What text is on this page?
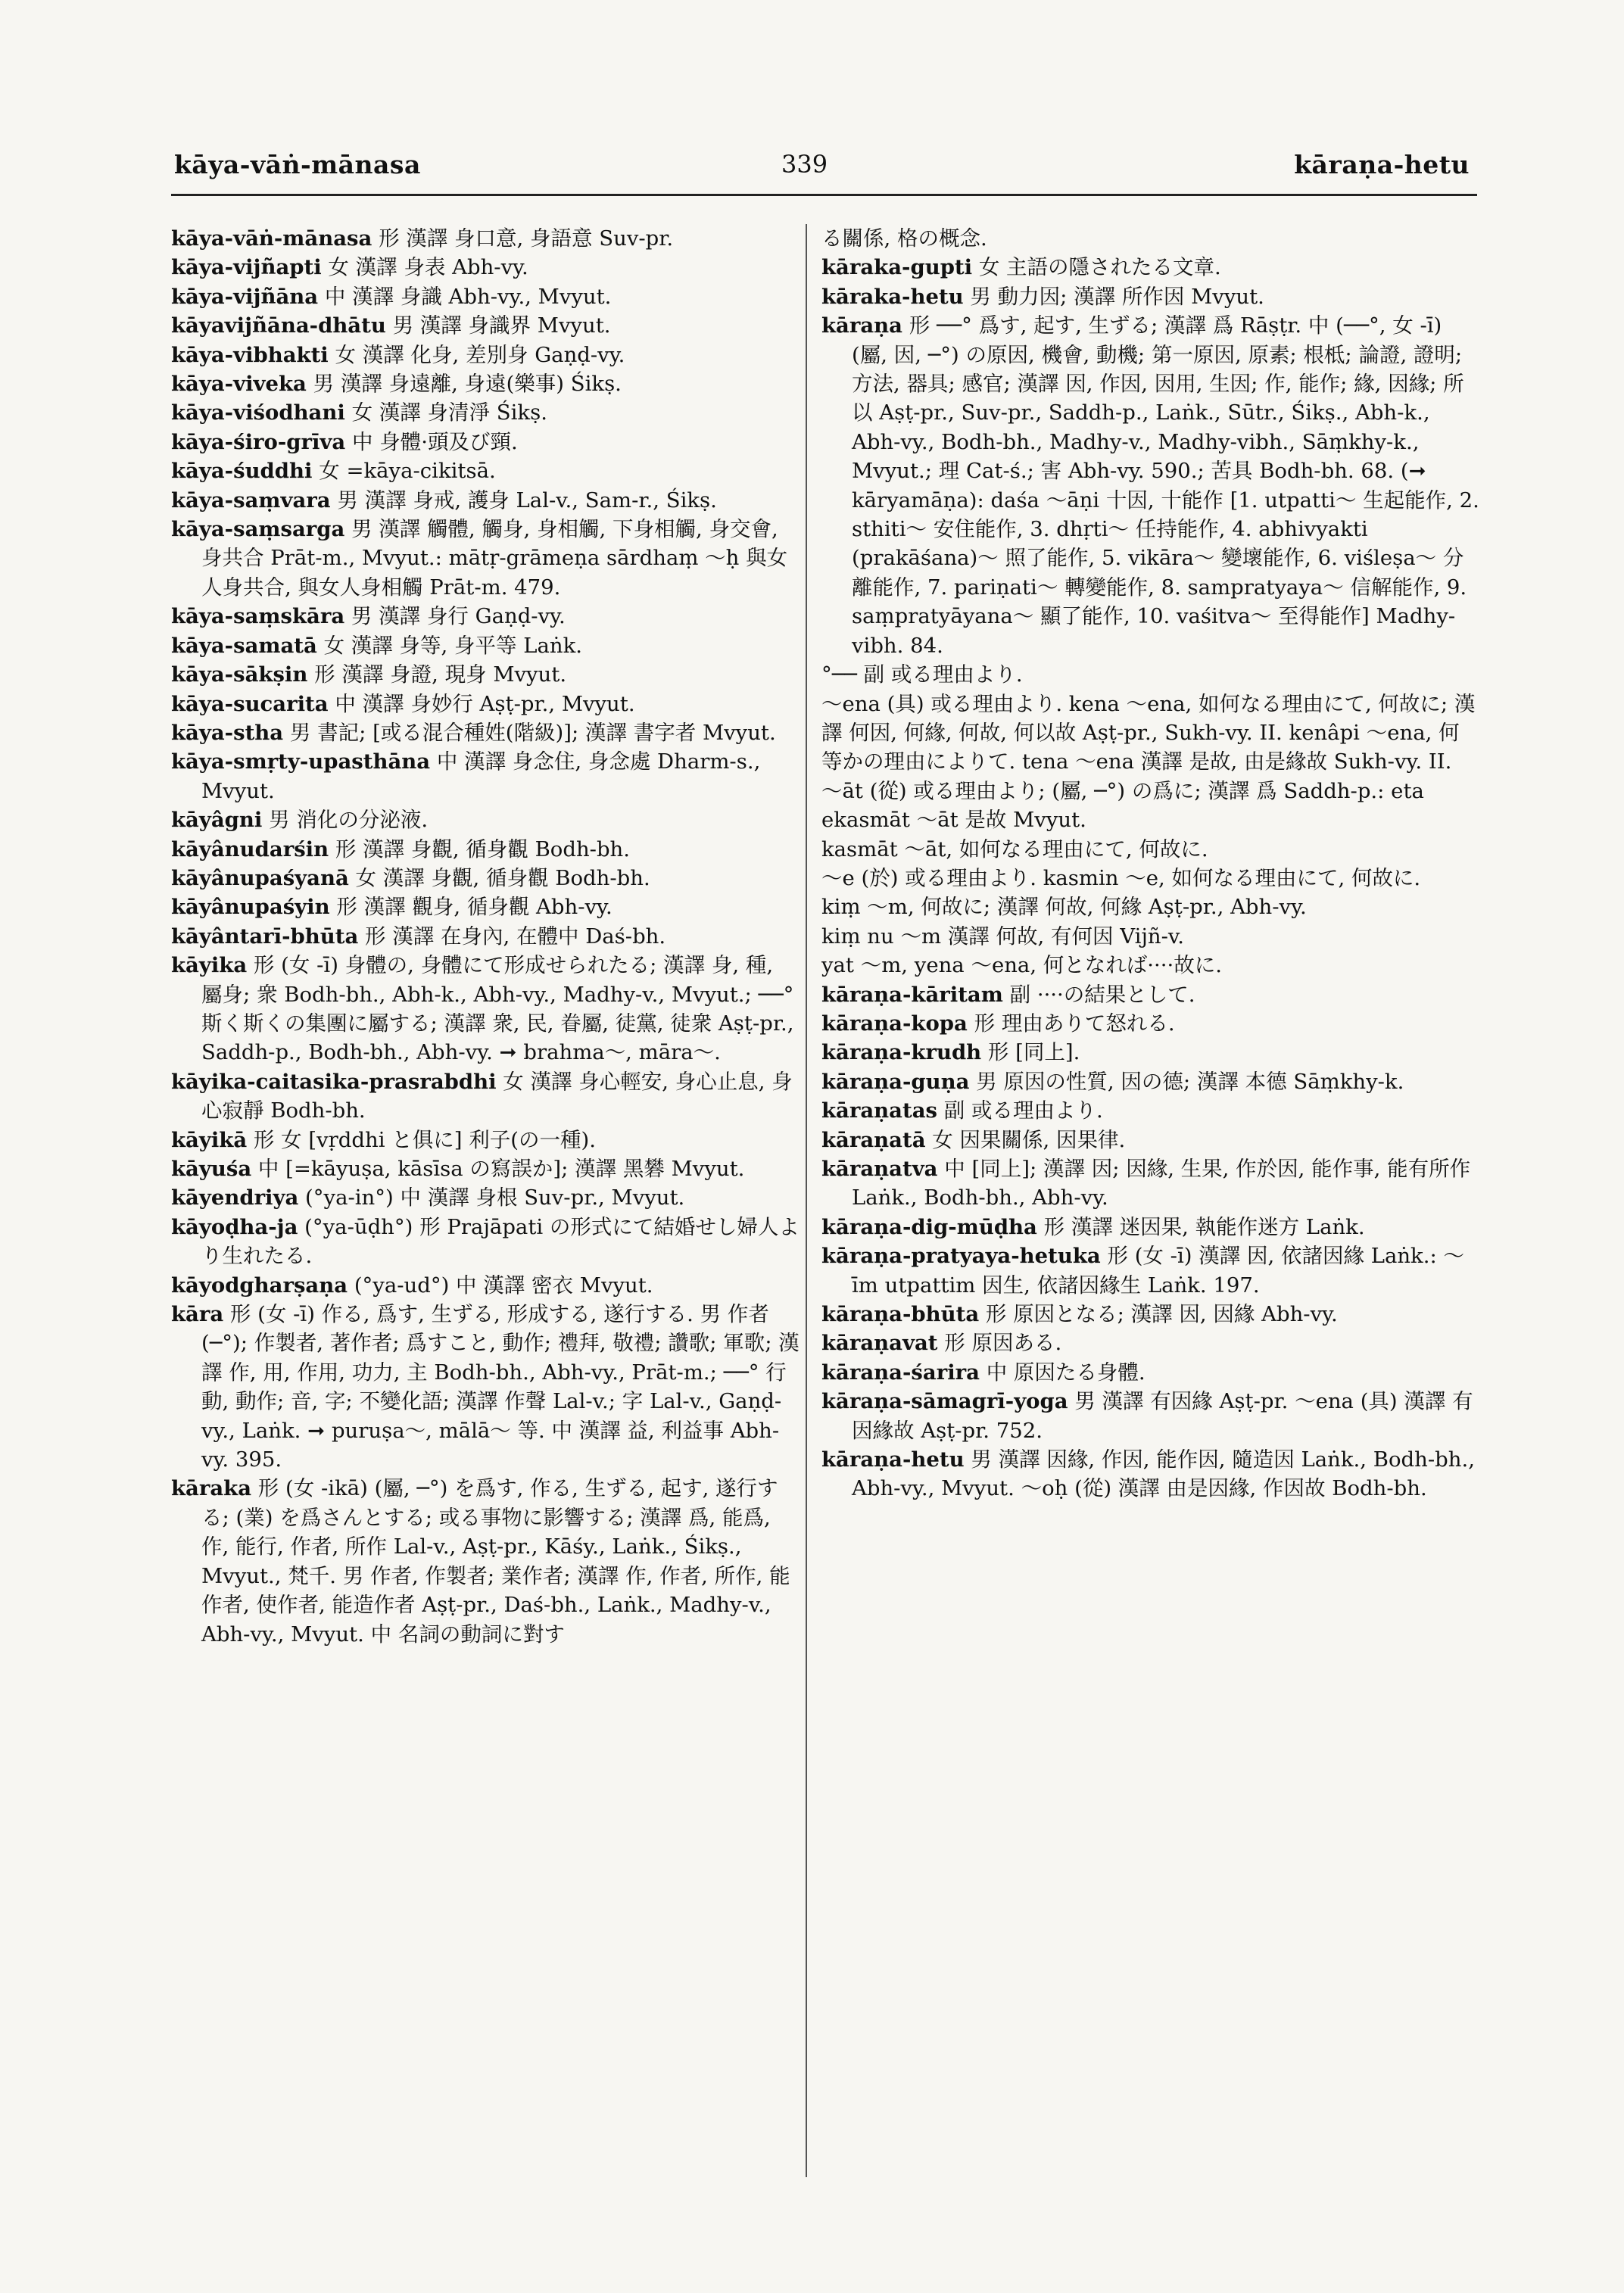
kāya-vāṅ-mānasa	339	kāraṇa-hetu

kāya-vāṅ-mānasa 形 漢譯 身口意, 身語意 Suv-pr.

kāya-vijñapti 女 漢譯 身表 Abh-vy.

kāya-vijñāna 中 漢譯 身識 Abh-vy., Mvyut.

kāyavijñāna-dhātu 男 漢譯 身識界 Mvyut.

kāya-vibhakti 女 漢譯 化身, 差別身 Gaṇḍ-vy.

kāya-viveka 男 漢譯 身遠離, 身遠(樂事) Śikṣ.

kāya-viśodhani 女 漢譯 身清淨 Śikṣ.

kāya-śiro-grīva 中 身體·頭及び頸.

kāya-śuddhi 女 =kāya-cikitsā.

kāya-saṃvara 男 漢譯 身戒, 護身 Lal-v., Sam-r., Śikṣ.

kāya-saṃsarga 男 漢譯 觸體, 觸身, 身相觸, 下身相觸, 身交會, 身共合 Prāt-m., Mvyut.: mātṛ-grāmeṇa sārdhaṃ ～ḥ 與女人身共合, 與女人身相觸 Prāt-m. 479.

kāya-saṃskāra 男 漢譯 身行 Gaṇḍ-vy.

kāya-samatā 女 漢譯 身等, 身平等 Laṅk.

kāya-sākṣin 形 漢譯 身證, 現身 Mvyut.

kāya-sucarita 中 漢譯 身妙行 Aṣṭ-pr., Mvyut.

kāya-stha 男 書記; [或る混合種姓(階級)]; 漢譯 書字者 Mvyut.

kāya-smṛty-upasthāna 中 漢譯 身念住, 身念處 Dharm-s., Mvyut.

kāyâgni 男 消化の分泌液.

kāyânudarśin 形 漢譯 身觀, 循身觀 Bodh-bh.

kāyânupaśyanā 女 漢譯 身觀, 循身觀 Bodh-bh.

kāyânupaśyin 形 漢譯 觀身, 循身觀 Abh-vy.

kāyântarī-bhūta 形 漢譯 在身內, 在體中 Daś-bh.

kāyika 形 (女 -ī) 身體の, 身體にて形成せられたる; 漢譯 身, 種, 屬身; 衆 Bodh-bh., Abh-k., Abh-vy., Madhy-v., Mvyut.; ──° 斯く斯くの集團に屬する; 漢譯 衆, 民, 眷屬, 徒黨, 徒衆 Aṣṭ-pr., Saddh-p., Bodh-bh., Abh-vy. ➞ brahma～, māra～.

kāyika-caitasika-prasrabdhi 女 漢譯 身心輕安, 身心止息, 身心寂靜 Bodh-bh.

kāyikā 形 女 [vṛddhi と俱に] 利子(の一種).

kāyuśa 中 [=kāyuṣa, kāsīsa の寫誤か]; 漢譯 黑礬 Mvyut.

kāyendriya (°ya-in°) 中 漢譯 身根 Suv-pr., Mvyut.

kāyoḍha-ja (°ya-ūḍh°) 形 Prajāpati の形式にて結婚せし婦人より生れたる.

kāyodgharṣaṇa (°ya-ud°) 中 漢譯 密衣 Mvyut.

kāra 形 (女 -ī) 作る, 爲す, 生ずる, 形成する, 遂行する. 男 作者(─°); 作製者, 著作者; 爲すこと, 動作; 禮拜, 敬禮; 讚歌; 軍歌; 漢譯 作, 用, 作用, 功力, 主 Bodh-bh., Abh-vy., Prāt-m.; ──° 行動, 動作; 音, 字; 不變化語; 漢譯 作聲 Lal-v.; 字 Lal-v., Gaṇḍ-vy., Laṅk. ➞ puruṣa～, mālā～ 等. 中 漢譯 益, 利益事 Abh-vy. 395.

kāraka 形 (女 -ikā) (屬, ─°) を爲す, 作る, 生ずる, 起す, 遂行する; (業) を爲さんとする; 或る事物に影響する; 漢譯 爲, 能爲, 作, 能行, 作者, 所作 Lal-v., Aṣṭ-pr., Kāśy., Laṅk., Śikṣ., Mvyut., 梵千. 男 作者, 作製者; 業作者; 漢譯 作, 作者, 所作, 能作者, 使作者, 能造作者 Aṣṭ-pr., Daś-bh., Laṅk., Madhy-v., Abh-vy., Mvyut. 中 名詞の動詞に對す

る關係, 格の概念.

kāraka-gupti 女 主語の隱されたる文章.

kāraka-hetu 男 動力因; 漢譯 所作因 Mvyut.

kāraṇa 形 ──° 爲す, 起す, 生ずる; 漢譯 爲 Rāṣṭr. 中 (──°, 女 -ī) (屬, 因, ─°) の原因, 機會, 動機; 第一原因, 原素; 根柢; 論證, 證明; 方法, 器具; 感官; 漢譯 因, 作因, 因用, 生因; 作, 能作; 緣, 因緣; 所以 Aṣṭ-pr., Suv-pr., Saddh-p., Laṅk., Sūtr., Śikṣ., Abh-k., Abh-vy., Bodh-bh., Madhy-v., Madhy-vibh., Sāṃkhy-k., Mvyut.; 理 Cat-ś.; 害 Abh-vy. 590.; 苦具 Bodh-bh. 68. (➞ kāryamāṇa): daśa ～āṇi 十因, 十能作 [1. utpatti～ 生起能作, 2. sthiti～ 安住能作, 3. dhṛti～ 任持能作, 4. abhivyakti (prakāśana)～ 照了能作, 5. vikāra～ 變壞能作, 6. viśleṣa～ 分離能作, 7. pariṇati～ 轉變能作, 8. sampratyaya～ 信解能作, 9. saṃpratyāyana～ 顯了能作, 10. vaśitva～ 至得能作] Madhy-vibh. 84.

°── 副 或る理由より.

～ena (具) 或る理由より. kena ～ena, 如何なる理由にて, 何故に; 漢譯 何因, 何緣, 何故, 何以故 Aṣṭ-pr., Sukh-vy. II. kenâpi ～ena, 何等かの理由によりて. tena ～ena 漢譯 是故, 由是緣故 Sukh-vy. II.

～āt (從) 或る理由より; (屬, ─°) の爲に; 漢譯 爲 Saddh-p.: eta ekasmāt ～āt 是故 Mvyut.

kasmāt ～āt, 如何なる理由にて, 何故に.

～e (於) 或る理由より. kasmin ～e, 如何なる理由にて, 何故に.

kiṃ ～m, 何故に; 漢譯 何故, 何緣 Aṣṭ-pr., Abh-vy.

kiṃ nu ～m 漢譯 何故, 有何因 Vijñ-v.

yat ～m, yena ～ena, 何となれば····故に.

kāraṇa-kāritam 副 ····の結果として.

kāraṇa-kopa 形 理由ありて怒れる.

kāraṇa-krudh 形 [同上].

kāraṇa-guṇa 男 原因の性質, 因の德; 漢譯 本德 Sāṃkhy-k.

kāraṇatas 副 或る理由より.

kāraṇatā 女 因果關係, 因果律.

kāraṇatva 中 [同上]; 漢譯 因; 因緣, 生果, 作於因, 能作事, 能有所作 Laṅk., Bodh-bh., Abh-vy.

kāraṇa-dig-mūḍha 形 漢譯 迷因果, 執能作迷方 Laṅk.

kāraṇa-pratyaya-hetuka 形 (女 -ī) 漢譯 因, 依諸因緣 Laṅk.: ～īm utpattim 因生, 依諸因緣生 Laṅk. 197.

kāraṇa-bhūta 形 原因となる; 漢譯 因, 因緣 Abh-vy.

kāraṇavat 形 原因ある.

kāraṇa-śarira 中 原因たる身體.

kāraṇa-sāmagrī-yoga 男 漢譯 有因緣 Aṣṭ-pr. ～ena (具) 漢譯 有因緣故 Aṣṭ-pr. 752.

kāraṇa-hetu 男 漢譯 因緣, 作因, 能作因, 隨造因 Laṅk., Bodh-bh., Abh-vy., Mvyut. ～oḥ (從) 漢譯 由是因緣, 作因故 Bodh-bh.
